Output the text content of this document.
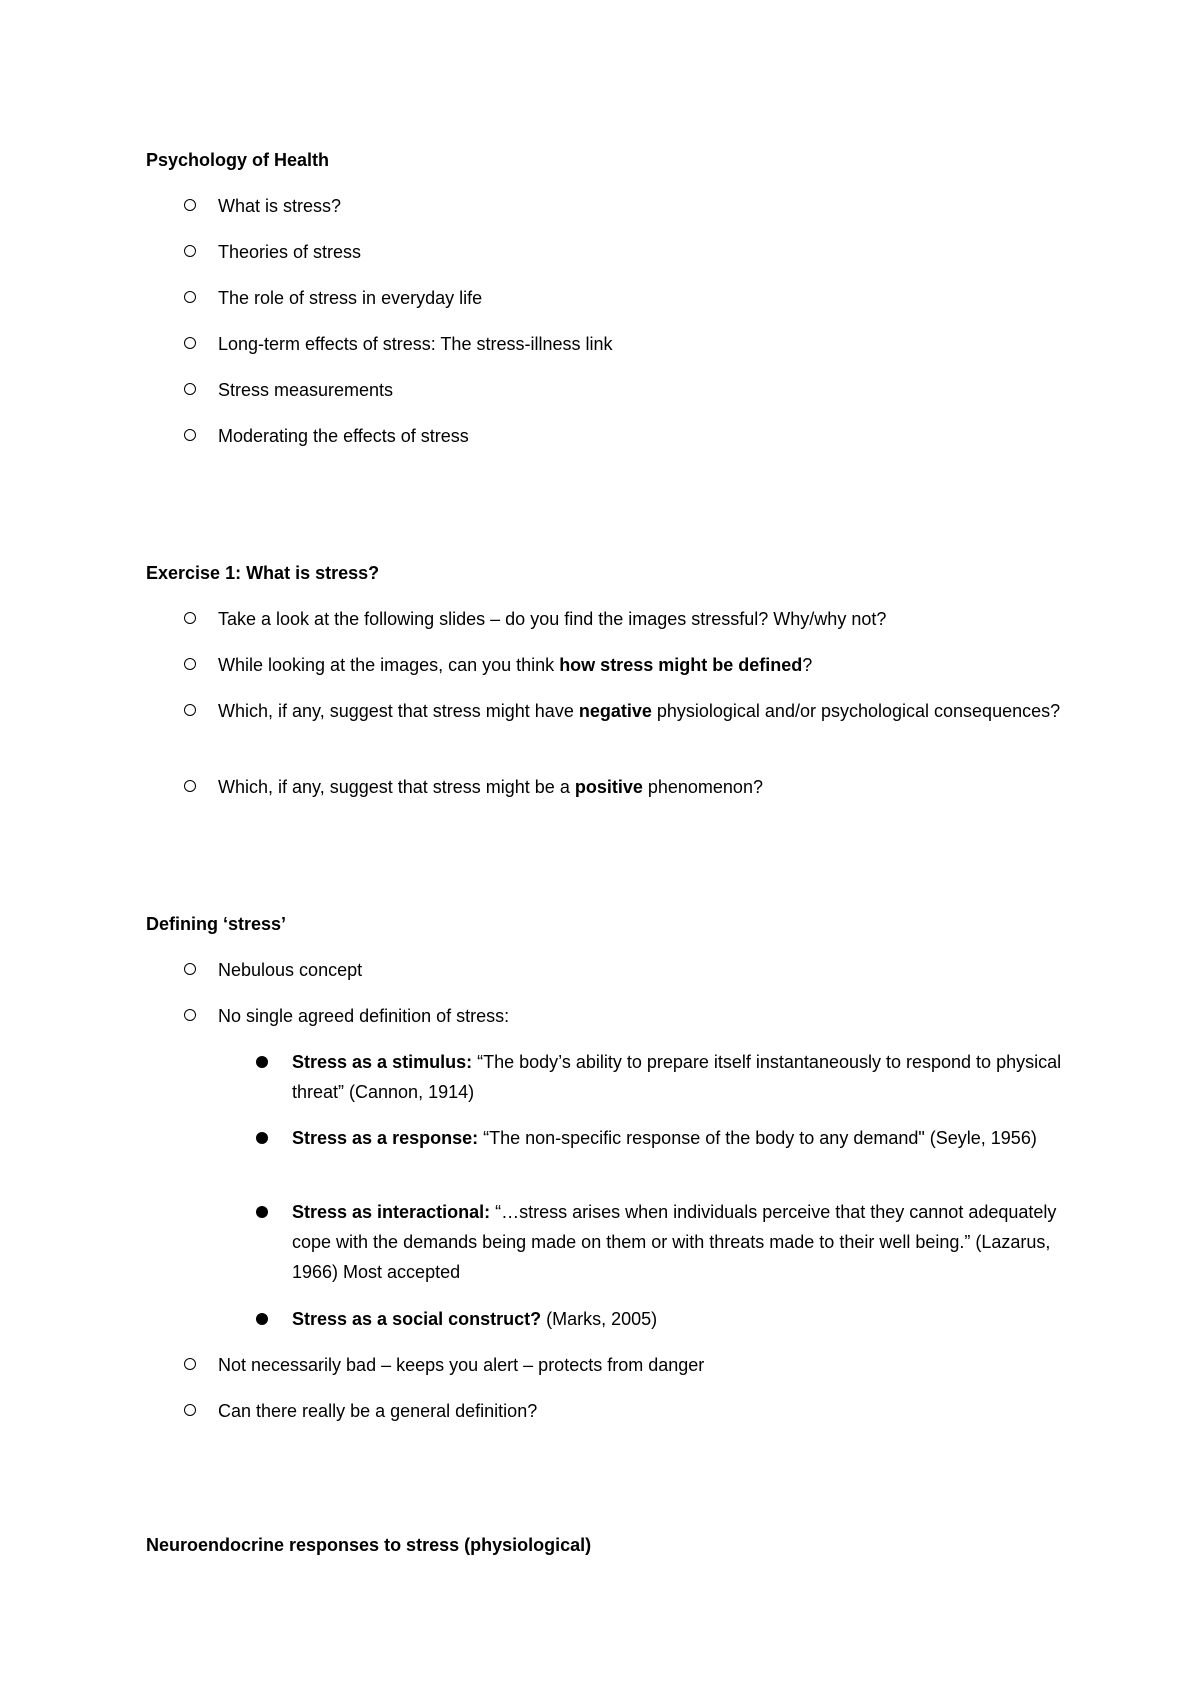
Psychology of Health
What is stress?
Theories of stress
The role of stress in everyday life
Long-term effects of stress: The stress-illness link
Stress measurements
Moderating the effects of stress
Exercise 1: What is stress?
Take a look at the following slides – do you find the images stressful? Why/why not?
While looking at the images, can you think how stress might be defined?
Which, if any, suggest that stress might have negative physiological and/or psychological consequences?
Which, if any, suggest that stress might be a positive phenomenon?
Defining ‘stress’
Nebulous concept
No single agreed definition of stress:
Stress as a stimulus: “The body’s ability to prepare itself instantaneously to respond to physical threat” (Cannon, 1914)
Stress as a response: “The non-specific response of the body to any demand" (Seyle, 1956)
Stress as interactional: “…stress arises when individuals perceive that they cannot adequately cope with the demands being made on them or with threats made to their well being.” (Lazarus, 1966) Most accepted
Stress as a social construct? (Marks, 2005)
Not necessarily bad – keeps you alert – protects from danger
Can there really be a general definition?
Neuroendocrine responses to stress (physiological)
